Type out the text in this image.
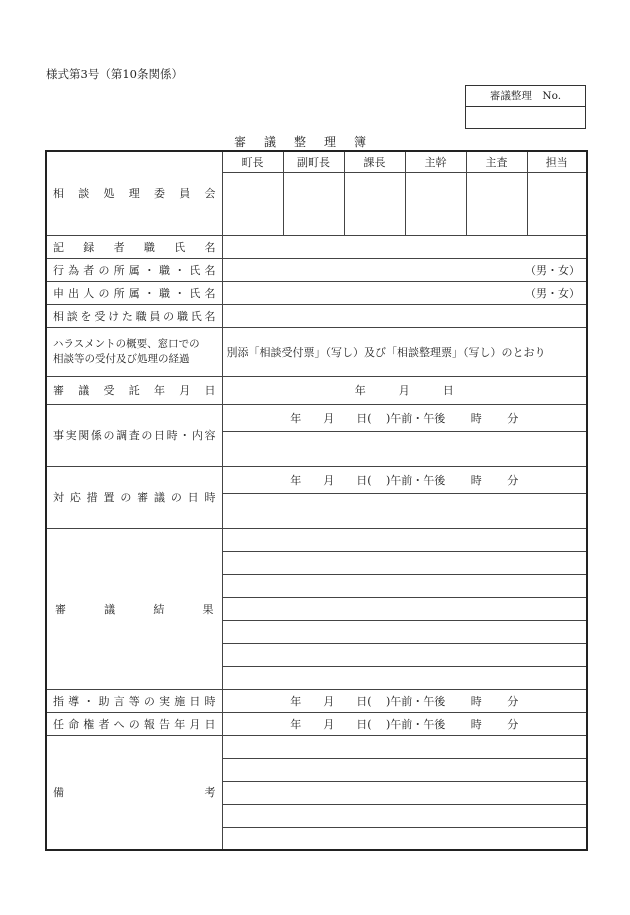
様式第3号（第10条関係）
審議整理　No.
審議整理簿
相談処理委員会	町長	副町長	課長	主幹	主査	担当

記録者職氏名						
行為者の所属・職・氏名	（男・女）					
申出人の所属・職・氏名	（男・女）					
相談を受けた職員の職氏名						

ハラスメントの概要、窓口での
相談等の受付及び処理の経過	別添「相談受付票」（写し）及び「相談整理票」（写し）のとおり					
審議受託年月日	年　　　月　　　日					
事実関係の調査の日時・内容	年　　月　　日(　 )午前・午後　　 時　　 分					

対応措置の審議の日時	年　　月　　日(　 )午前・午後　　 時　　 分					

審議結果						

指導・助言等の実施日時	年　　月　　日(　 )午前・午後　　 時　　 分					
任命権者への報告年月日	年　　月　　日(　 )午前・午後　　 時　　 分					
備考						
